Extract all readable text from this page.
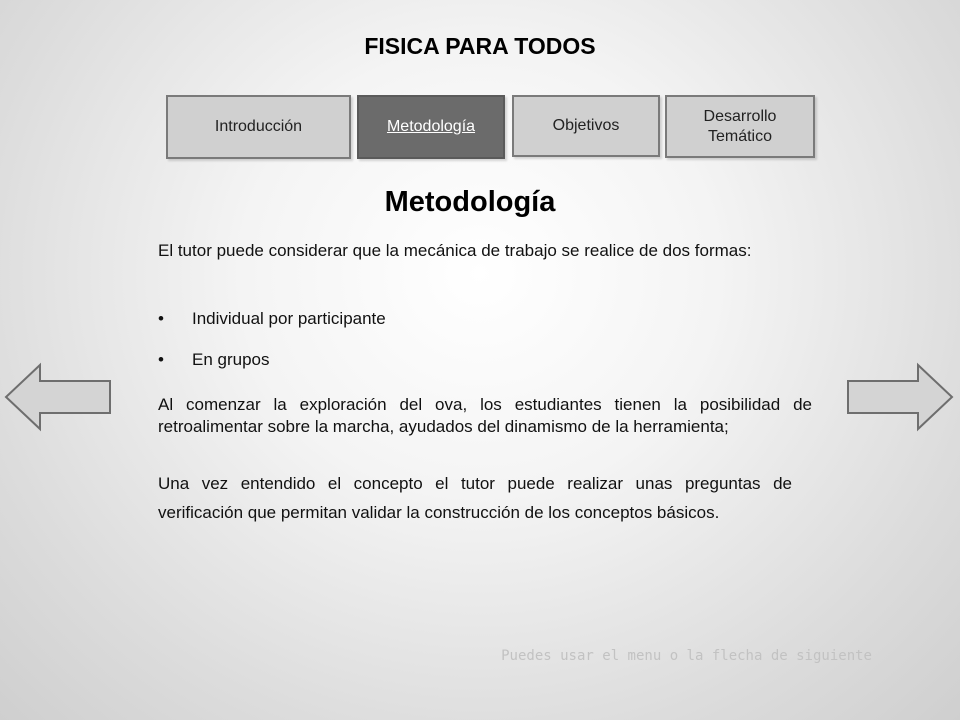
FISICA PARA TODOS
Introducción	Metodología	Objetivos
Desarrollo
Temático
Metodología

El tutor puede considerar que la mecánica de trabajo se realice de dos formas:

• Individual por participante
• En grupos

Al comenzar la exploración del ova, los estudiantes tienen la posibilidad de retroalimentar sobre la marcha, ayudados del dinamismo de la herramienta;

Una vez entendido el concepto el tutor puede realizar unas preguntas de verificación que permitan validar la construcción de los conceptos básicos.

Puedes usar el menu o la flecha de siguiente
